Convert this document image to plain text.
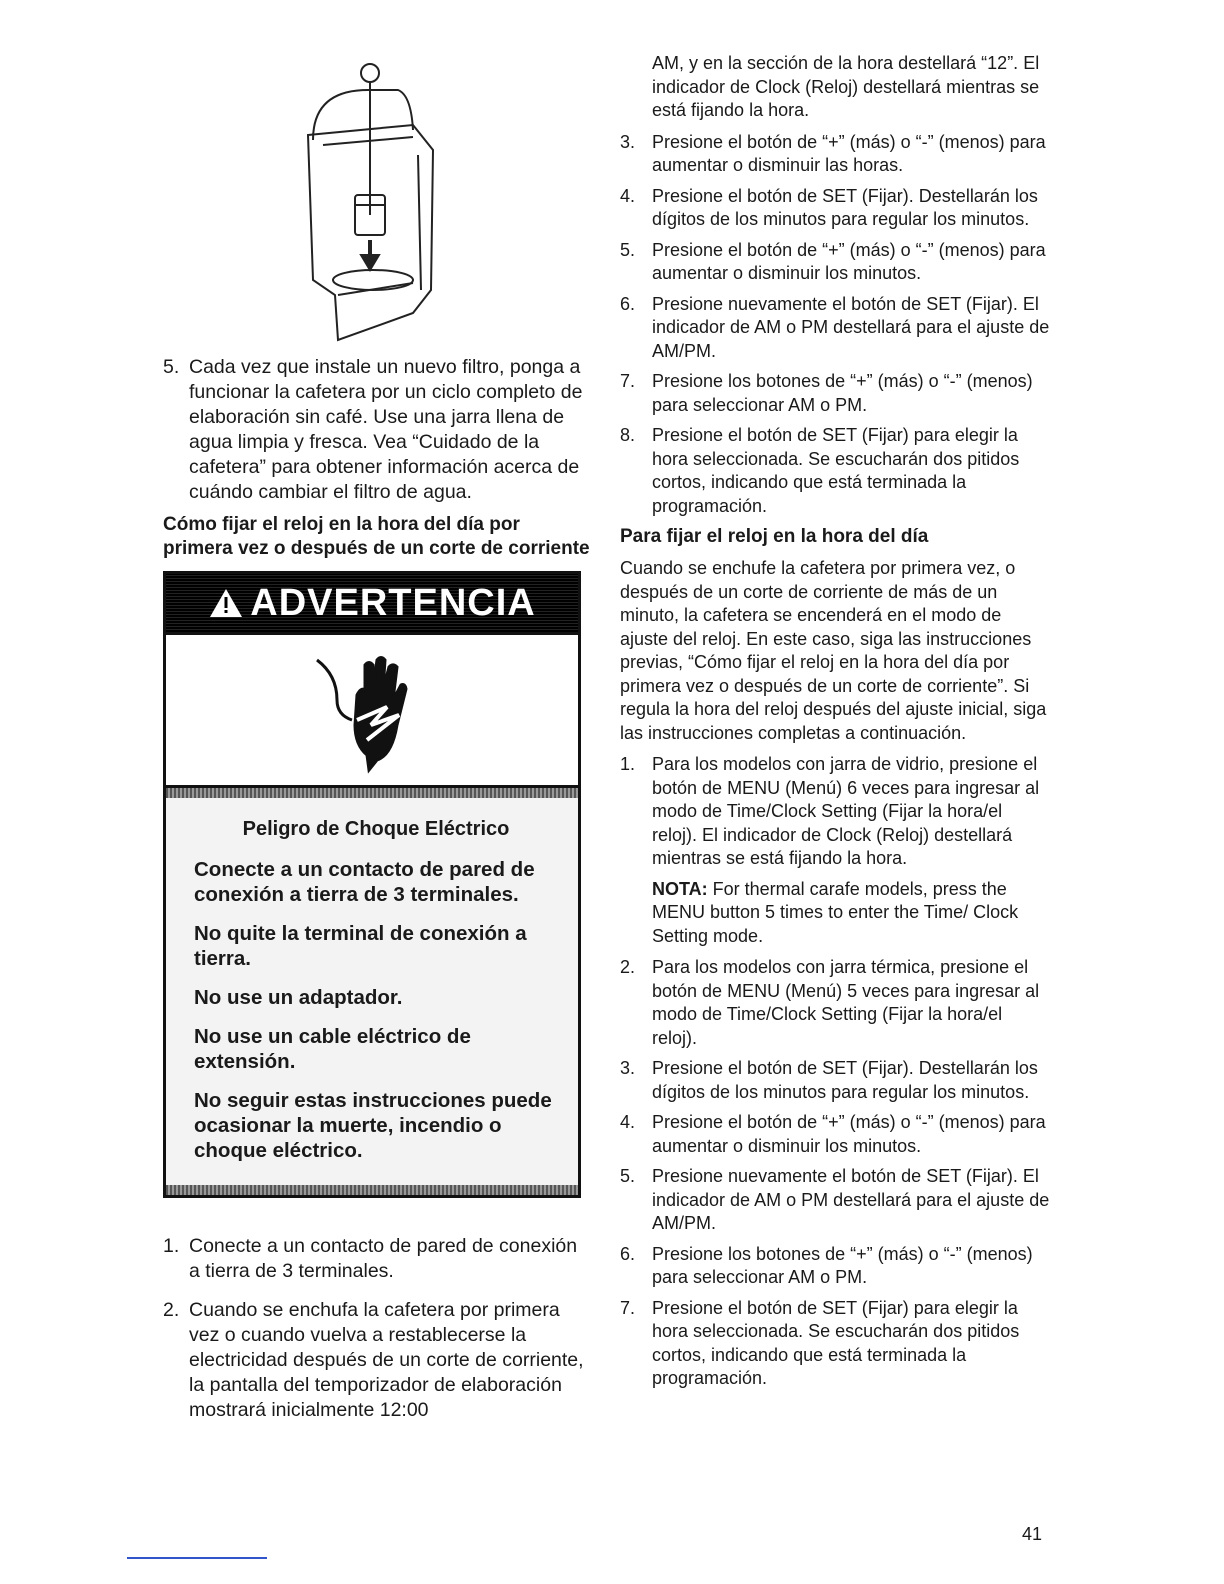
5. Cada vez que instale un nuevo filtro, ponga a funcionar la cafetera por un ciclo completo de elaboración sin café. Use una jarra llena de agua limpia y fresca. Vea “Cuidado de la cafetera” para obtener información acerca de cuándo cambiar el filtro de agua.
Cómo fijar el reloj en la hora del día por primera vez o después de un corte de corriente
ADVERTENCIA
Peligro de Choque Eléctrico
Conecte a un contacto de pared de conexión a tierra de 3 terminales.
No quite la terminal de conexión a tierra.
No use un adaptador.
No use un cable eléctrico de extensión.
No seguir estas instrucciones puede ocasionar la muerte, incendio o choque eléctrico.
1. Conecte a un contacto de pared de conexión a tierra de 3 terminales.
2. Cuando se enchufa la cafetera por primera vez o cuando vuelva a restablecerse la electricidad después de un corte de corriente, la pantalla del temporizador de elaboración mostrará inicialmente 12:00
AM, y en la sección de la hora destellará “12”. El indicador de Clock (Reloj) destellará mientras se está fijando la hora.
3. Presione el botón de “+” (más) o “-” (menos) para aumentar o disminuir las horas.
4. Presione el botón de SET (Fijar). Destellarán los dígitos de los minutos para regular los minutos.
5. Presione el botón de “+” (más) o “-” (menos) para aumentar o disminuir los minutos.
6. Presione nuevamente el botón de SET (Fijar). El indicador de AM o PM destellará para el ajuste de AM/PM.
7. Presione los botones de “+” (más) o “-” (menos) para seleccionar AM o PM.
8. Presione el botón de SET (Fijar) para elegir la hora seleccionada. Se escucharán dos pitidos cortos, indicando que está terminada la programación.
Para fijar el reloj en la hora del día
Cuando se enchufe la cafetera por primera vez, o después de un corte de corriente de más de un minuto, la cafetera se encenderá en el modo de ajuste del reloj. En este caso, siga las instrucciones previas, “Cómo fijar el reloj en la hora del día por primera vez o después de un corte de corriente”. Si regula la hora del reloj después del ajuste inicial, siga las instrucciones completas a continuación.
1. Para los modelos con jarra de vidrio, presione el botón de MENU (Menú) 6 veces para ingresar al modo de Time/Clock Setting (Fijar la hora/el reloj). El indicador de Clock (Reloj) destellará mientras se está fijando la hora.
NOTA: For thermal carafe models, press the MENU button 5 times to enter the Time/ Clock Setting mode.
2. Para los modelos con jarra térmica, presione el botón de MENU (Menú) 5 veces para ingresar al modo de Time/Clock Setting (Fijar la hora/el reloj).
3. Presione el botón de SET (Fijar). Destellarán los dígitos de los minutos para regular los minutos.
4. Presione el botón de “+” (más) o “-” (menos) para aumentar o disminuir los minutos.
5. Presione nuevamente el botón de SET (Fijar). El indicador de AM o PM destellará para el ajuste de AM/PM.
6. Presione los botones de “+” (más) o “-” (menos) para seleccionar AM o PM.
7. Presione el botón de SET (Fijar) para elegir la hora seleccionada. Se escucharán dos pitidos cortos, indicando que está terminada la programación.
41
